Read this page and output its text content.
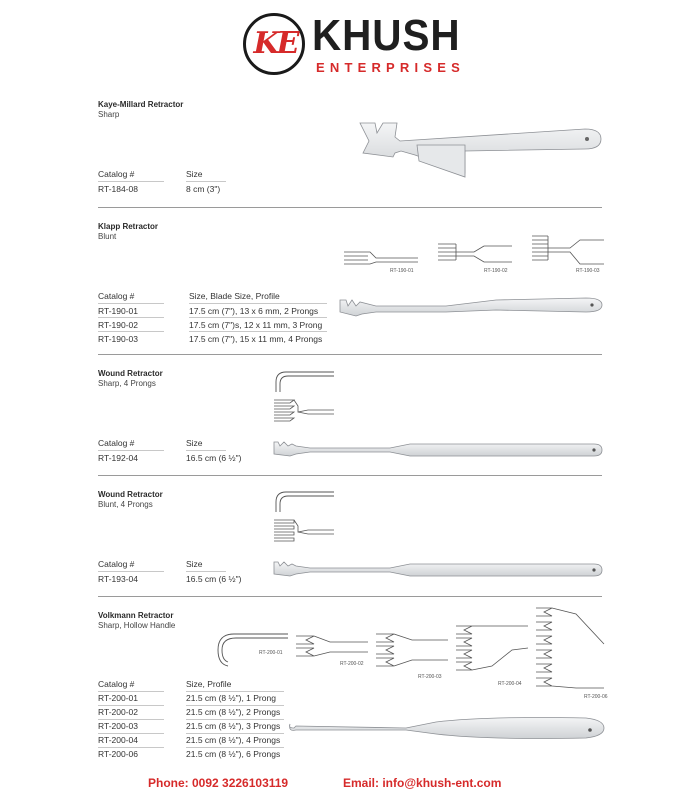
KE KHUSH
ENTERPRISES
Kaye-Millard Retractor
Sharp
Catalog #	Size
RT-184-08	8 cm (3")
Klapp Retractor
Blunt
RT-190-01	RT-190-02	RT-190-03
Catalog #	Size, Blade Size, Profile
RT-190-01	17.5 cm (7"), 13 x 6 mm, 2 Prongs
RT-190-02	17.5 cm (7")s, 12 x 11 mm, 3 Prong
RT-190-03	17.5 cm (7"), 15 x 11 mm, 4 Prongs
Wound Retractor
Sharp, 4 Prongs
Catalog #	Size
RT-192-04	16.5 cm (6 ½")
Wound Retractor
Blunt, 4 Prongs
Catalog #	Size
RT-193-04	16.5 cm (6 ½")
Volkmann Retractor
Sharp, Hollow Handle
RT-200-01
RT-200-02
RT-200-03
RT-200-04
RT-200-06
Catalog #	Size, Profile
RT-200-01	21.5 cm (8 ½"), 1 Prong
RT-200-02	21.5 cm (8 ½"), 2 Prongs
RT-200-03	21.5 cm (8 ½"), 3 Prongs
RT-200-04	21.5 cm (8 ½"), 4 Prongs
RT-200-06	21.5 cm (8 ½"), 6 Prongs
Phone: 0092 3226103119	Email: info@khush-ent.com
